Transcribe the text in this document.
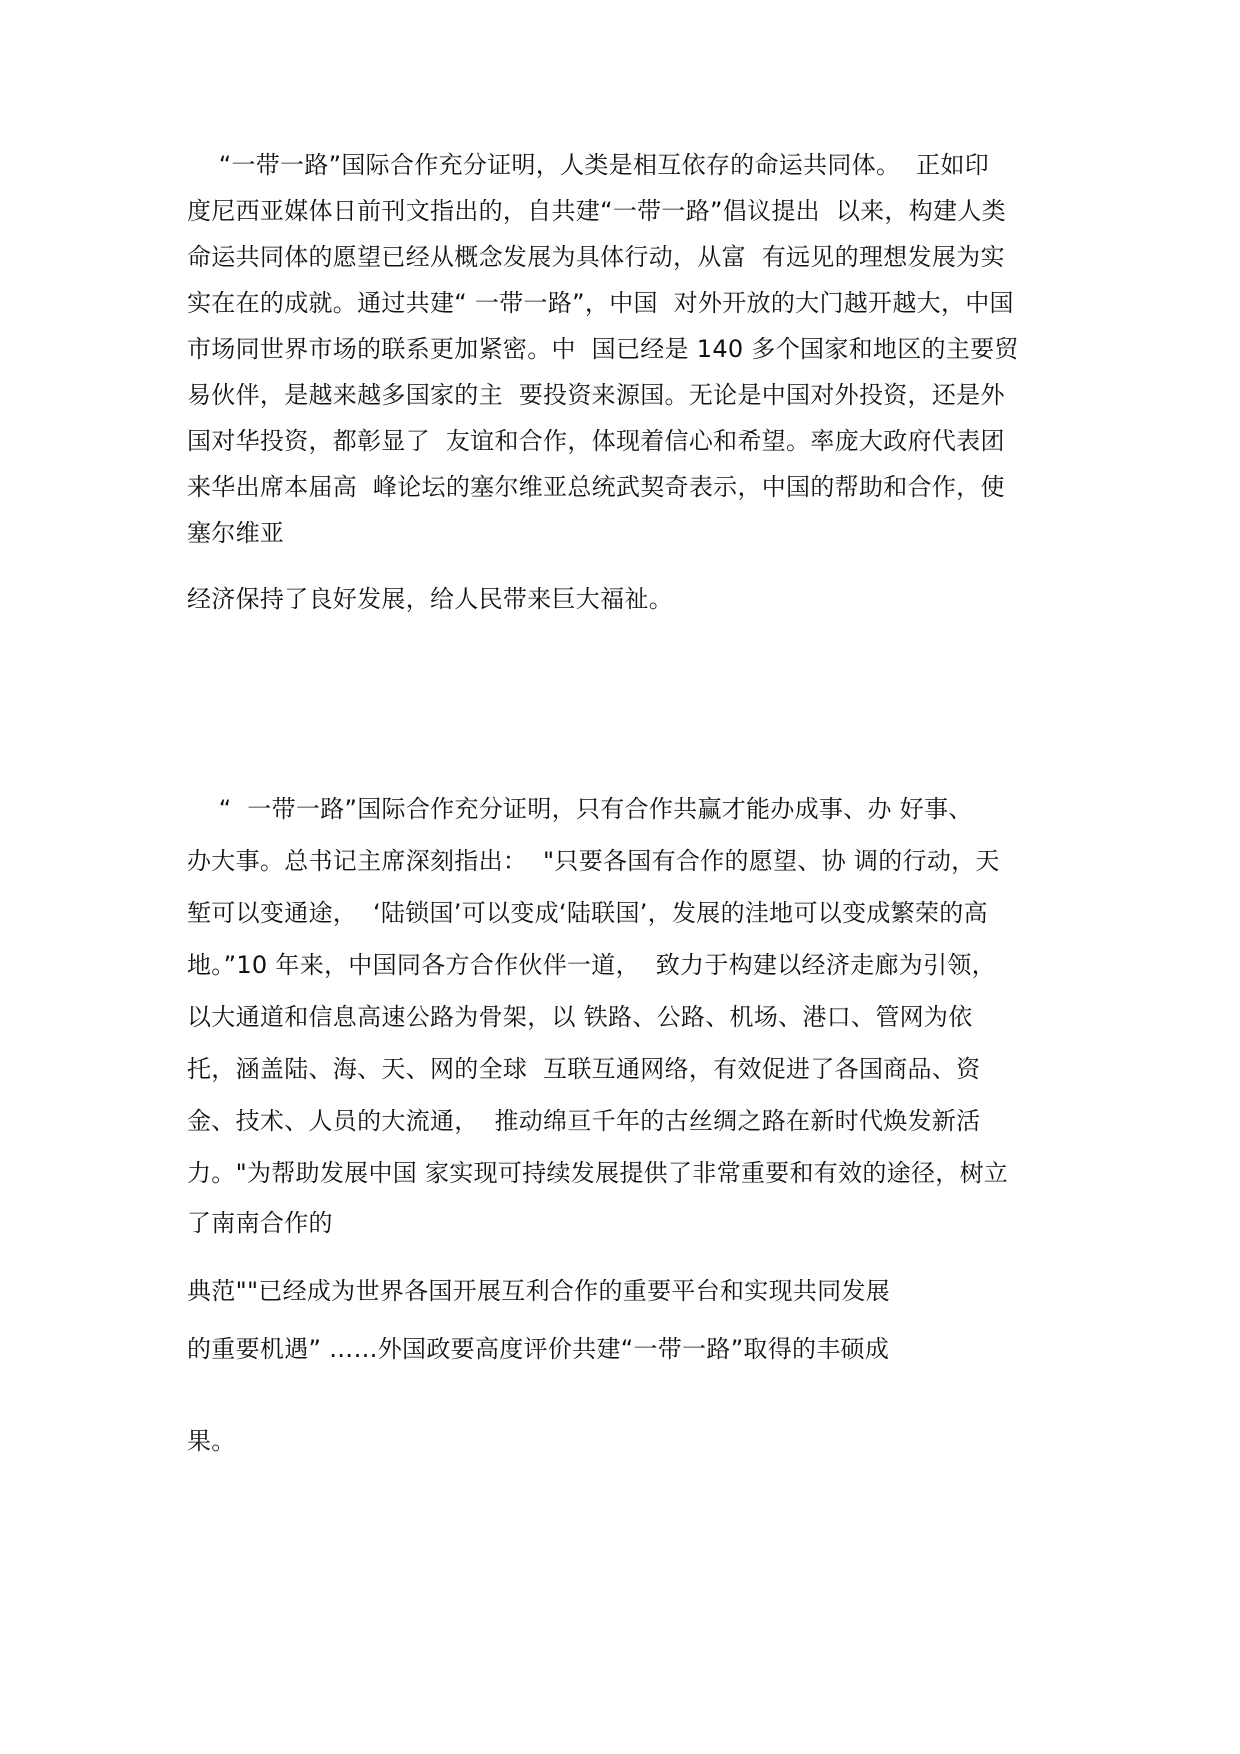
“一带一路”国际合作充分证明，人类是相互依存的命运共同体。  正如印
度尼西亚媒体日前刊文指出的，自共建“一带一路”倡议提出  以来，构建人类
命运共同体的愿望已经从概念发展为具体行动，从富  有远见的理想发展为实
实在在的成就。通过共建“ 一带一路”，中国  对外开放的大门越开越大，中国
市场同世界市场的联系更加紧密。中  国已经是 140 多个国家和地区的主要贸
易伙伴，是越来越多国家的主  要投资来源国。无论是中国对外投资，还是外
国对华投资，都彰显了  友谊和合作，体现着信心和希望。率庞大政府代表团
来华出席本届高  峰论坛的塞尔维亚总统武契奇表示，中国的帮助和合作，使
塞尔维亚
经济保持了良好发展，给人民带来巨大福祉。
“  一带一路”国际合作充分证明，只有合作共赢才能办成事、办 好事、
办大事。总书记主席深刻指出：  "只要各国有合作的愿望、协 调的行动，天
堑可以变通途，  ‘陆锁国’可以变成‘陆联国’，发展的洼地可以变成繁荣的高
地。”10 年来，中国同各方合作伙伴一道，  致力于构建以经济走廊为引领，
以大通道和信息高速公路为骨架，以 铁路、公路、机场、港口、管网为依
托，涵盖陆、海、天、网的全球  互联互通网络，有效促进了各国商品、资
金、技术、人员的大流通，  推动绵亘千年的古丝绸之路在新时代焕发新活
力。"为帮助发展中国 家实现可持续发展提供了非常重要和有效的途径，树立
了南南合作的
典范""已经成为世界各国开展互利合作的重要平台和实现共同发展
的重要机遇” ……外国政要高度评价共建“一带一路”取得的丰硕成
果。
